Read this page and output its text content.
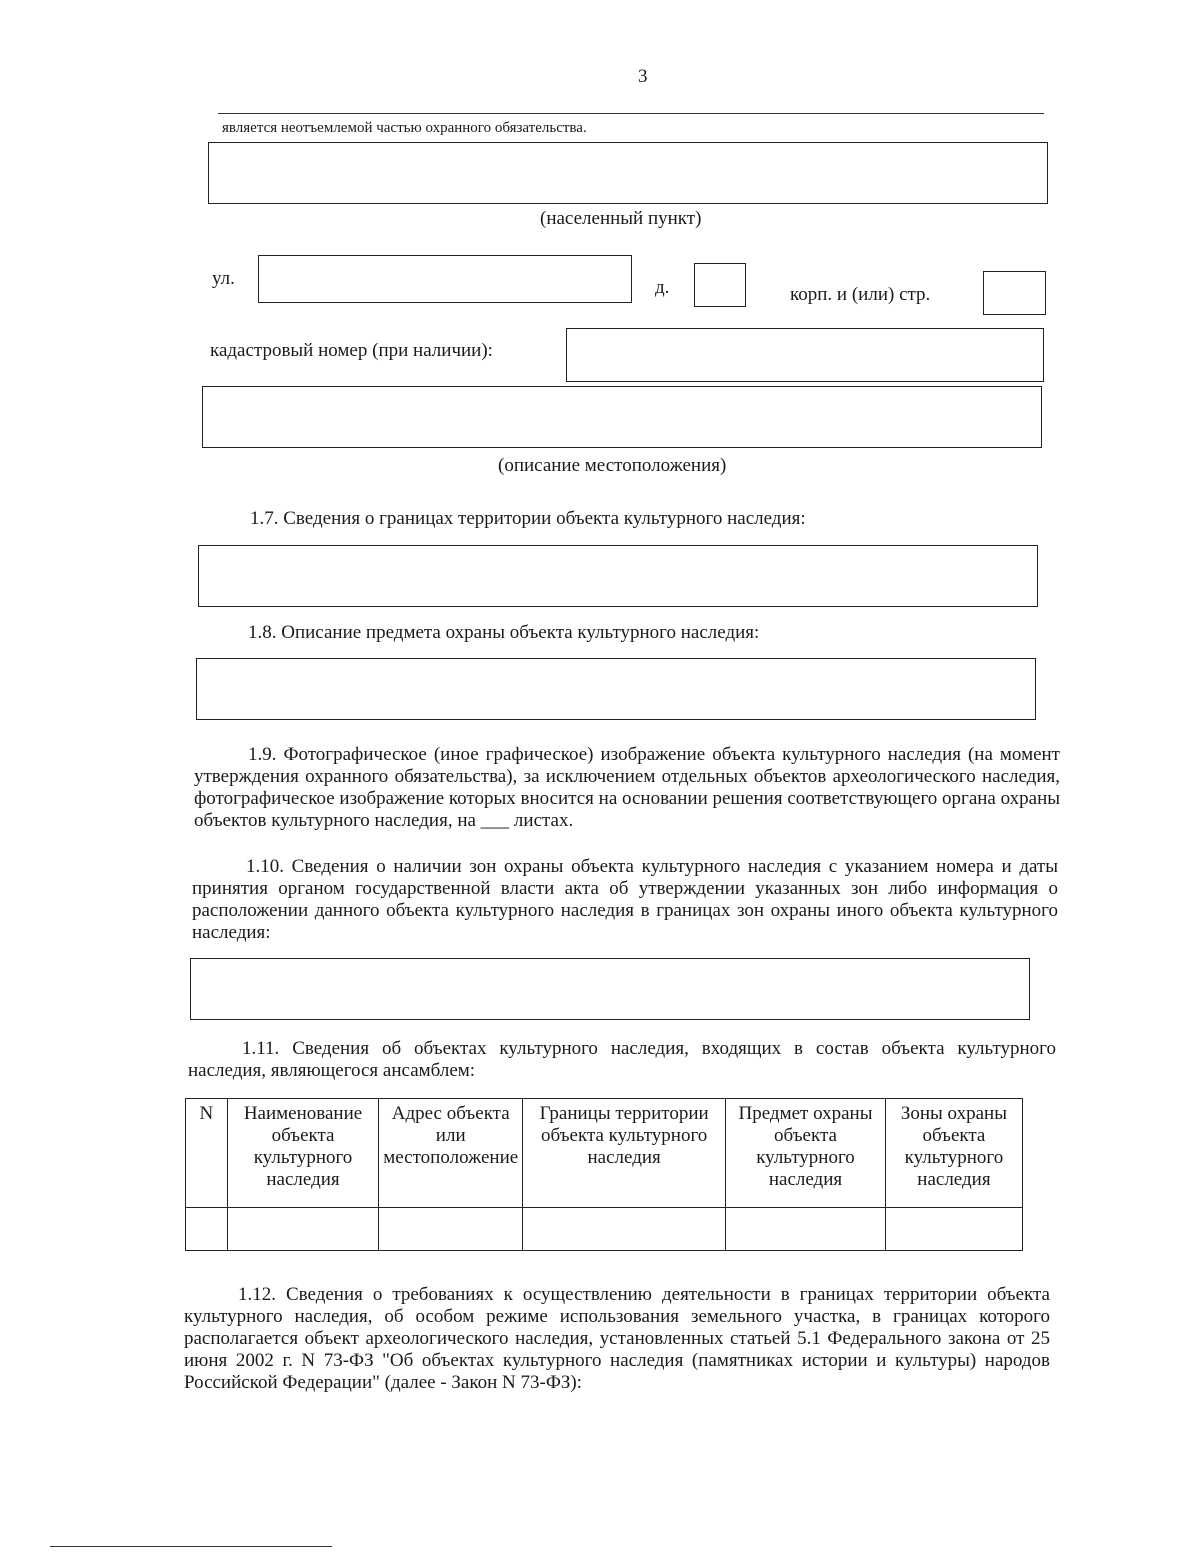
3
является неотъемлемой частью охранного обязательства.
(населенный пункт)
ул.	д.	корп. и (или) стр.
кадастровый номер (при наличии):
(описание местоположения)
1.7. Сведения о границах территории объекта культурного наследия:
1.8. Описание предмета охраны объекта культурного наследия:
1.9. Фотографическое (иное графическое) изображение объекта культурного наследия (на момент утверждения охранного обязательства), за исключением отдельных объектов археологического наследия, фотографическое изображение которых вносится на основании решения соответствующего органа охраны объектов культурного наследия, на ___ листах.
1.10. Сведения о наличии зон охраны объекта культурного наследия с указанием номера и даты принятия органом государственной власти акта об утверждении указанных зон либо информация о расположении данного объекта культурного наследия в границах зон охраны иного объекта культурного наследия:
1.11. Сведения об объектах культурного наследия, входящих в состав объекта культурного наследия, являющегося ансамблем:
N	Наименование объекта культурного наследия	Адрес объекта или местоположение	Границы территории объекта культурного наследия	Предмет охраны объекта культурного наследия	Зоны охраны объекта культурного наследия

1.12. Сведения о требованиях к осуществлению деятельности в границах территории объекта культурного наследия, об особом режиме использования земельного участка, в границах которого располагается объект археологического наследия, установленных статьей 5.1 Федерального закона от 25 июня 2002 г. N 73-ФЗ "Об объектах культурного наследия (памятниках истории и культуры) народов Российской Федерации" (далее - Закон N 73-ФЗ):
